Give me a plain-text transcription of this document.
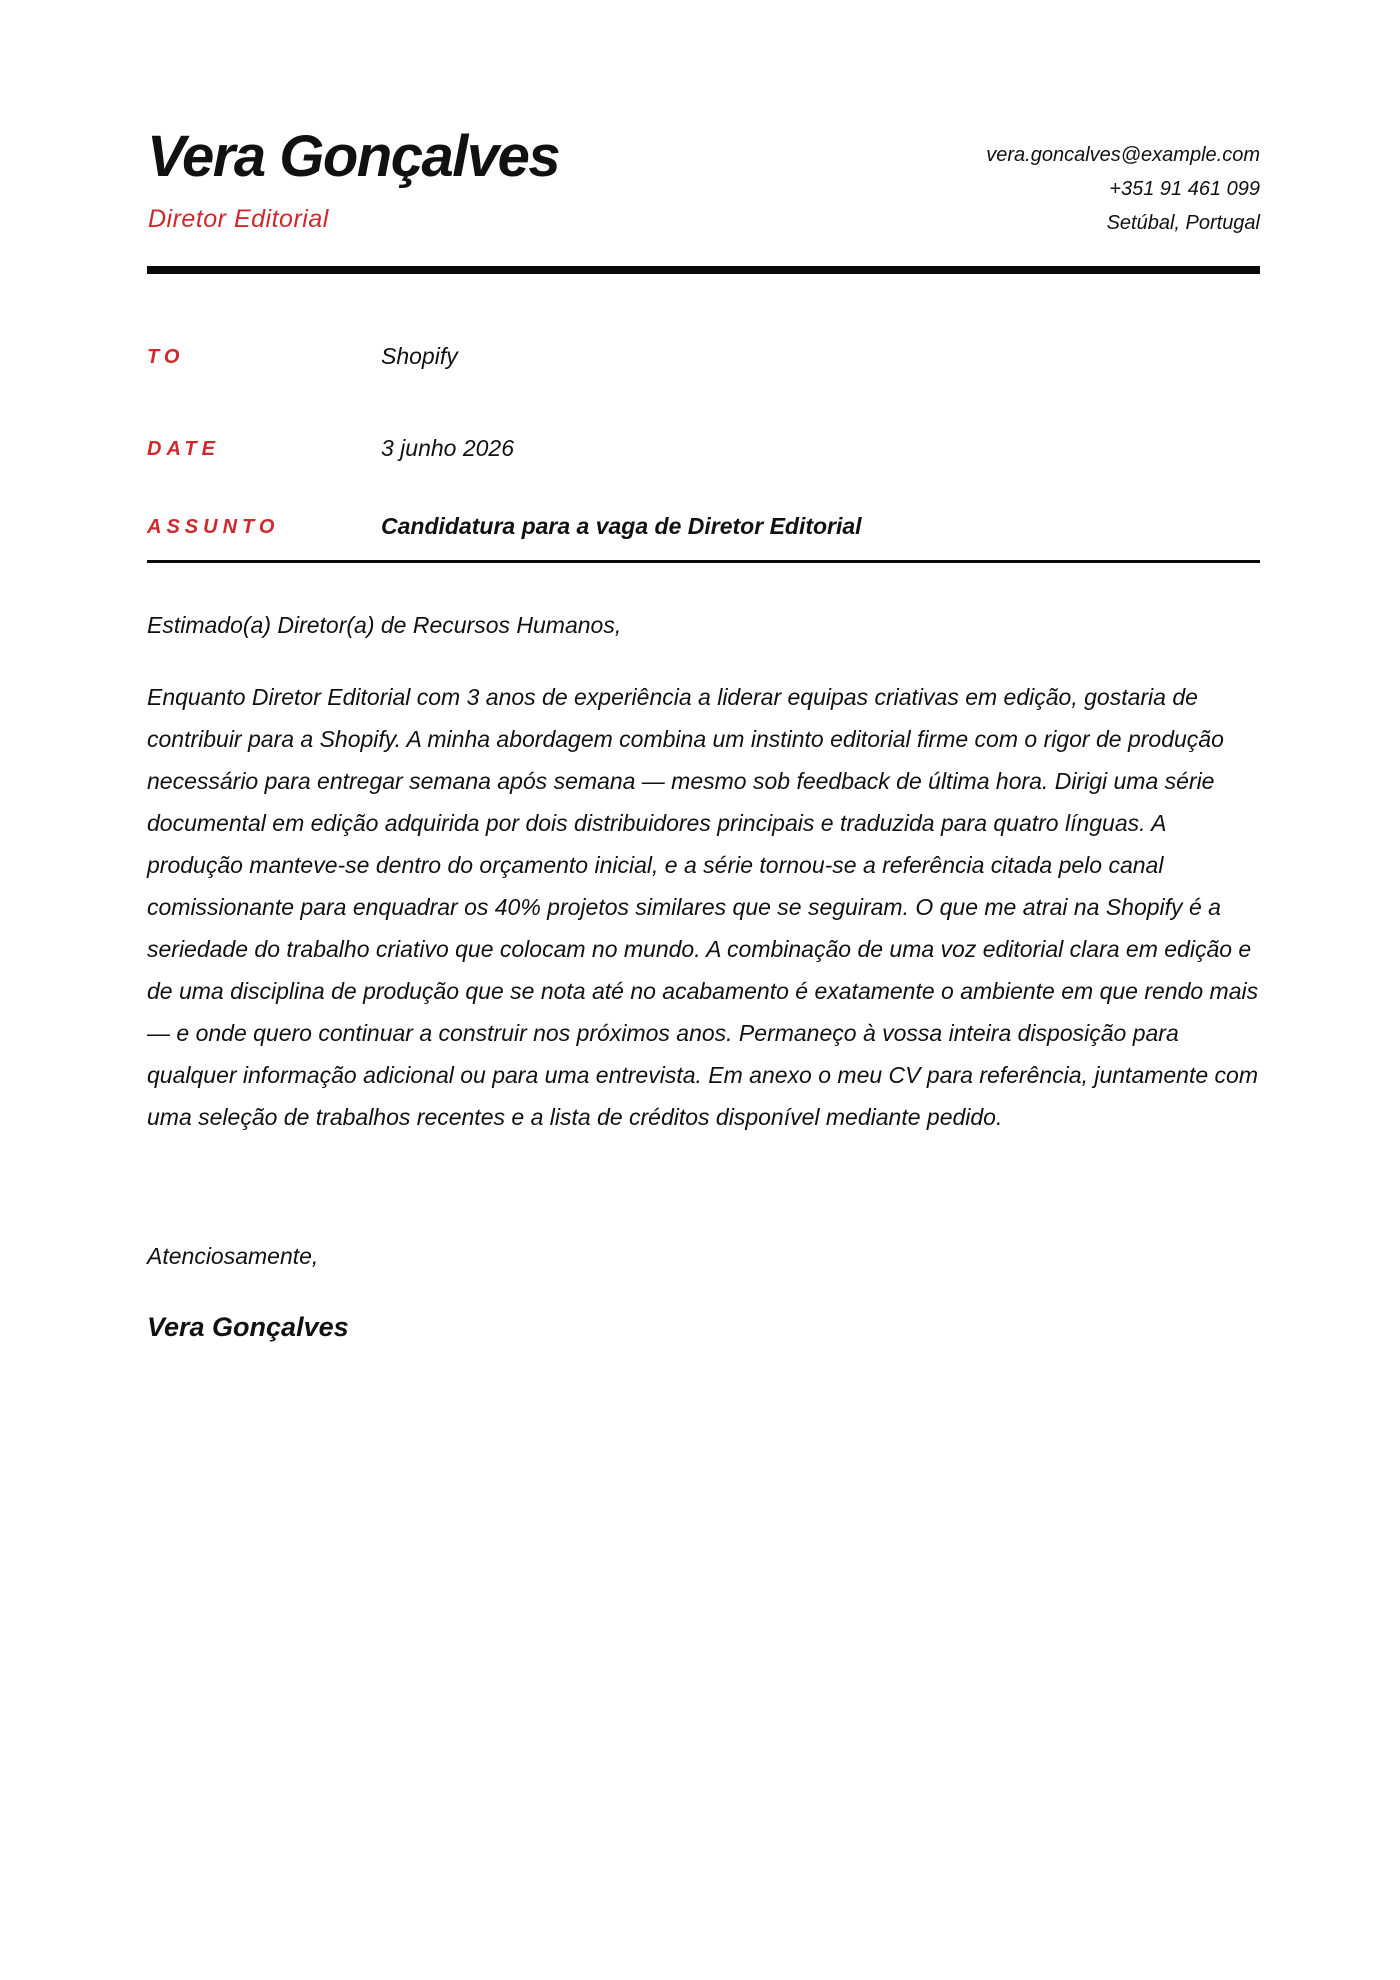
Vera Gonçalves
Diretor Editorial
vera.goncalves@example.com
+351 91 461 099
Setúbal, Portugal
TO	Shopify
DATE	3 junho 2026
ASSUNTO	Candidatura para a vaga de Diretor Editorial

Estimado(a) Diretor(a) de Recursos Humanos,

Enquanto Diretor Editorial com 3 anos de experiência a liderar equipas criativas em edição, gostaria de contribuir para a Shopify. A minha abordagem combina um instinto editorial firme com o rigor de produção necessário para entregar semana após semana — mesmo sob feedback de última hora. Dirigi uma série documental em edição adquirida por dois distribuidores principais e traduzida para quatro línguas. A produção manteve-se dentro do orçamento inicial, e a série tornou-se a referência citada pelo canal comissionante para enquadrar os 40% projetos similares que se seguiram. O que me atrai na Shopify é a seriedade do trabalho criativo que colocam no mundo. A combinação de uma voz editorial clara em edição e de uma disciplina de produção que se nota até no acabamento é exatamente o ambiente em que rendo mais — e onde quero continuar a construir nos próximos anos. Permaneço à vossa inteira disposição para qualquer informação adicional ou para uma entrevista. Em anexo o meu CV para referência, juntamente com uma seleção de trabalhos recentes e a lista de créditos disponível mediante pedido.

Atenciosamente,

Vera Gonçalves
